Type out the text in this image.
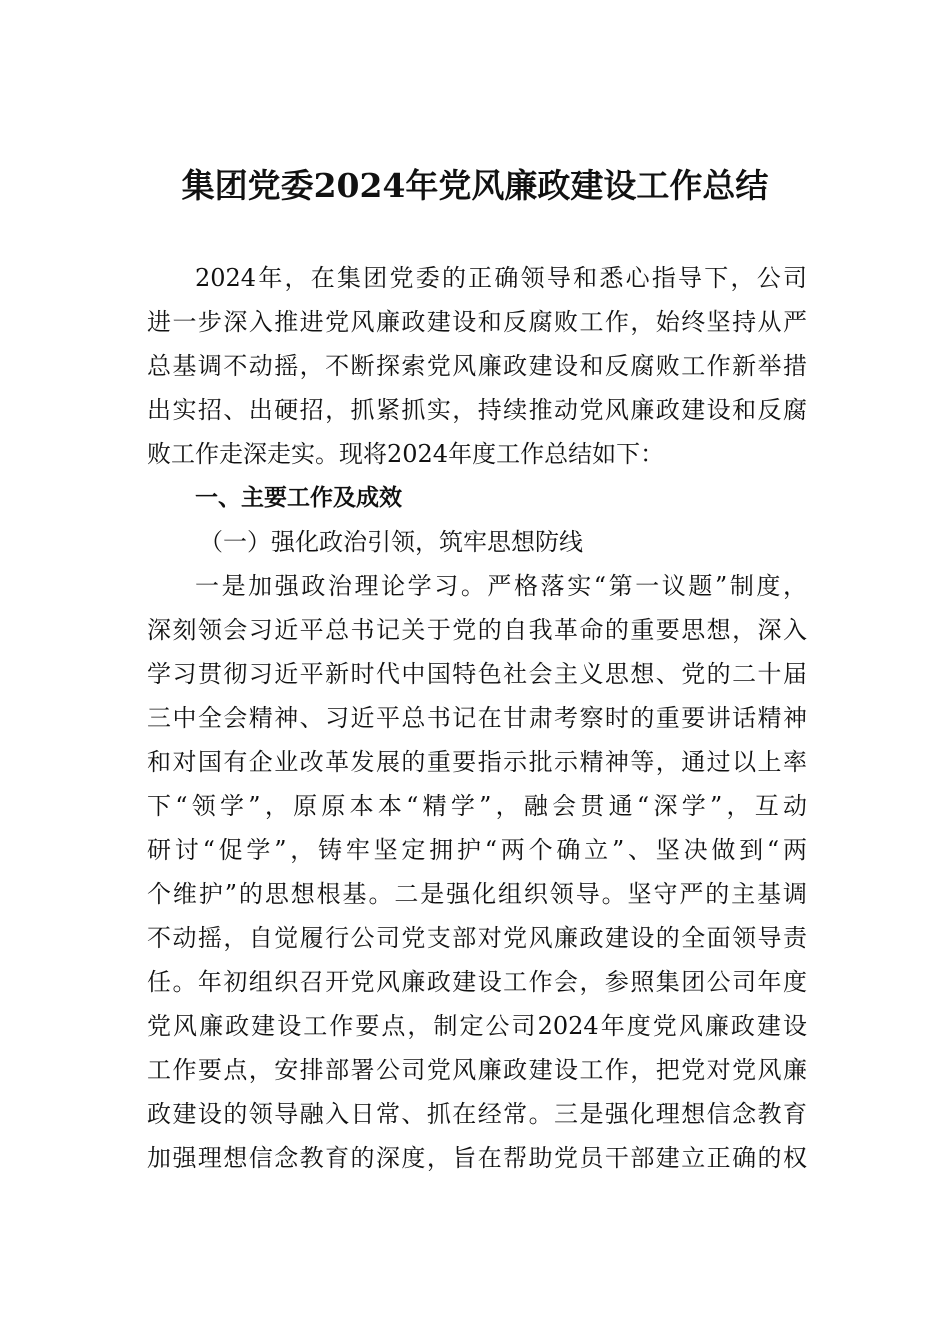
集团党委2024年党风廉政建设工作总结
2024年，在集团党委的正确领导和悉心指导下，公司
进一步深入推进党风廉政建设和反腐败工作，始终坚持从严
总基调不动摇，不断探索党风廉政建设和反腐败工作新举措
出实招、出硬招，抓紧抓实，持续推动党风廉政建设和反腐
败工作走深走实。现将2024年度工作总结如下：
一、主要工作及成效
（一）强化政治引领，筑牢思想防线
一是加强政治理论学习。严格落实“第一议题”制度，
深刻领会习近平总书记关于党的自我革命的重要思想，深入
学习贯彻习近平新时代中国特色社会主义思想、党的二十届
三中全会精神、习近平总书记在甘肃考察时的重要讲话精神
和对国有企业改革发展的重要指示批示精神等，通过以上率
下“领学”，原原本本“精学”，融会贯通“深学”，互动
研讨“促学”，铸牢坚定拥护“两个确立”、坚决做到“两
个维护”的思想根基。二是强化组织领导。坚守严的主基调
不动摇，自觉履行公司党支部对党风廉政建设的全面领导责
任。年初组织召开党风廉政建设工作会，参照集团公司年度
党风廉政建设工作要点，制定公司2024年度党风廉政建设
工作要点，安排部署公司党风廉政建设工作，把党对党风廉
政建设的领导融入日常、抓在经常。三是强化理想信念教育
加强理想信念教育的深度，旨在帮助党员干部建立正确的权
